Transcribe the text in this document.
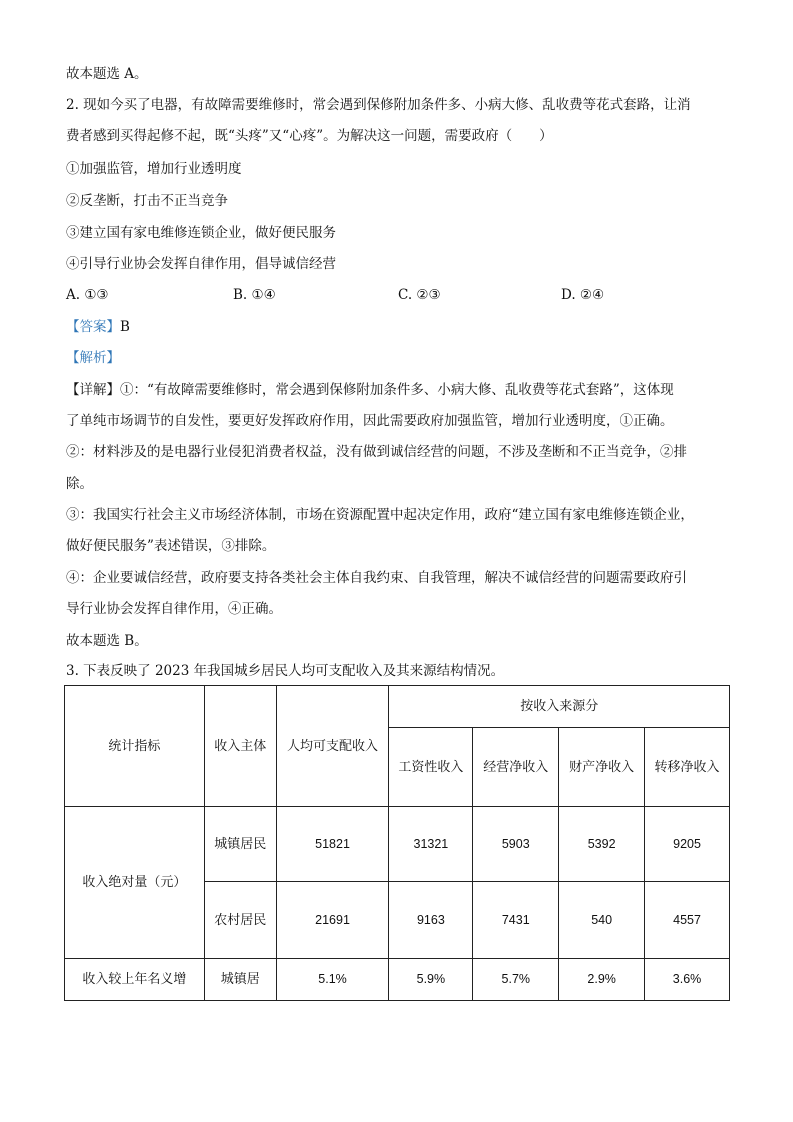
故本题选 A。
2. 现如今买了电器，有故障需要维修时，常会遇到保修附加条件多、小病大修、乱收费等花式套路，让消
费者感到买得起修不起，既“头疼”又“心疼”。为解决这一问题，需要政府（　　）
①加强监管，增加行业透明度
②反垄断，打击不正当竞争
③建立国有家电维修连锁企业，做好便民服务
④引导行业协会发挥自律作用，倡导诚信经营
A. ①③	B. ①④	C. ②③	D. ②④
【答案】B
【解析】
【详解】①：“有故障需要维修时，常会遇到保修附加条件多、小病大修、乱收费等花式套路”，这体现
了单纯市场调节的自发性，要更好发挥政府作用，因此需要政府加强监管，增加行业透明度，①正确。
②：材料涉及的是电器行业侵犯消费者权益，没有做到诚信经营的问题，不涉及垄断和不正当竞争，②排
除。
③：我国实行社会主义市场经济体制，市场在资源配置中起决定作用，政府“建立国有家电维修连锁企业，
做好便民服务”表述错误，③排除。
④：企业要诚信经营，政府要支持各类社会主体自我约束、自我管理，解决不诚信经营的问题需要政府引
导行业协会发挥自律作用，④正确。
故本题选 B。
3. 下表反映了 2023 年我国城乡居民人均可支配收入及其来源结构情况。
统计指标	收入主体	人均可支配收入	按收入来源分			
			工资性收入	经营净收入	财产净收入	转移净收入
收入绝对量（元）	城镇居民	51821	31321	5903	5392	9205
	农村居民	21691	9163	7431	540	4557
收入较上年名义增	城镇居	5.1%	5.9%	5.7%	2.9%	3.6%
